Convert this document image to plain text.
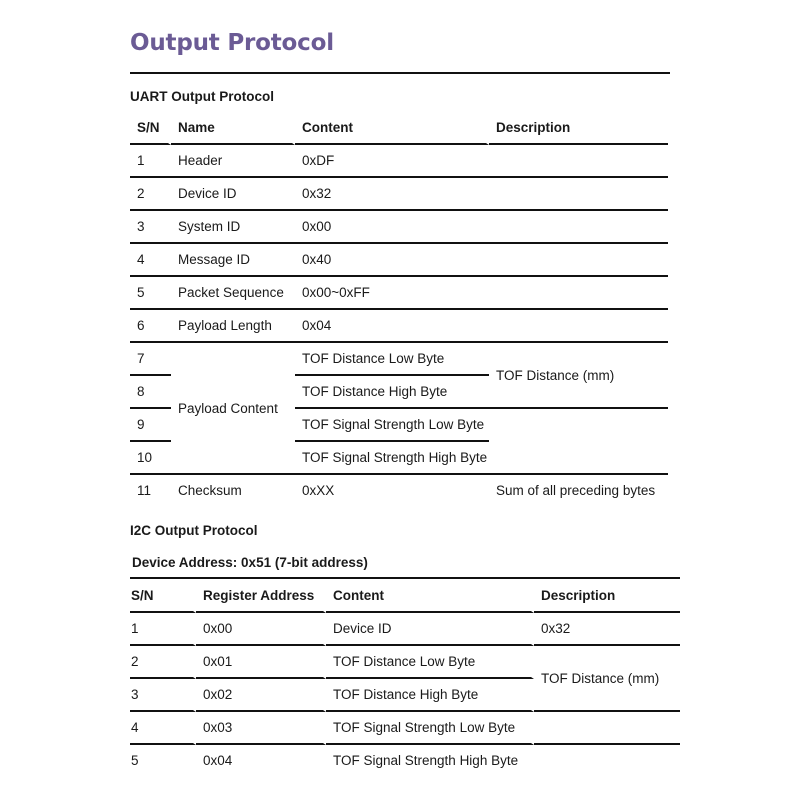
Output Protocol
UART Output Protocol
S/N	Name	Content	Description
1	Header	0xDF	
2	Device ID	0x32	
3	System ID	0x00	
4	Message ID	0x40	
5	Packet Sequence	0x00~0xFF	
6	Payload Length	0x04	
7	Payload Content	TOF Distance Low Byte	TOF Distance (mm)
8		TOF Distance High Byte	
9		TOF Signal Strength Low Byte	
10		TOF Signal Strength High Byte	
11	Checksum	0xXX	Sum of all preceding bytes
I2C Output Protocol

Device Address: 0x51 (7-bit address)

S/N	Register Address	Content	Description
1	0x00	Device ID	0x32
2	0x01	TOF Distance Low Byte	TOF Distance (mm)
3	0x02	TOF Distance High Byte	
4	0x03	TOF Signal Strength Low Byte	
5	0x04	TOF Signal Strength High Byte	
